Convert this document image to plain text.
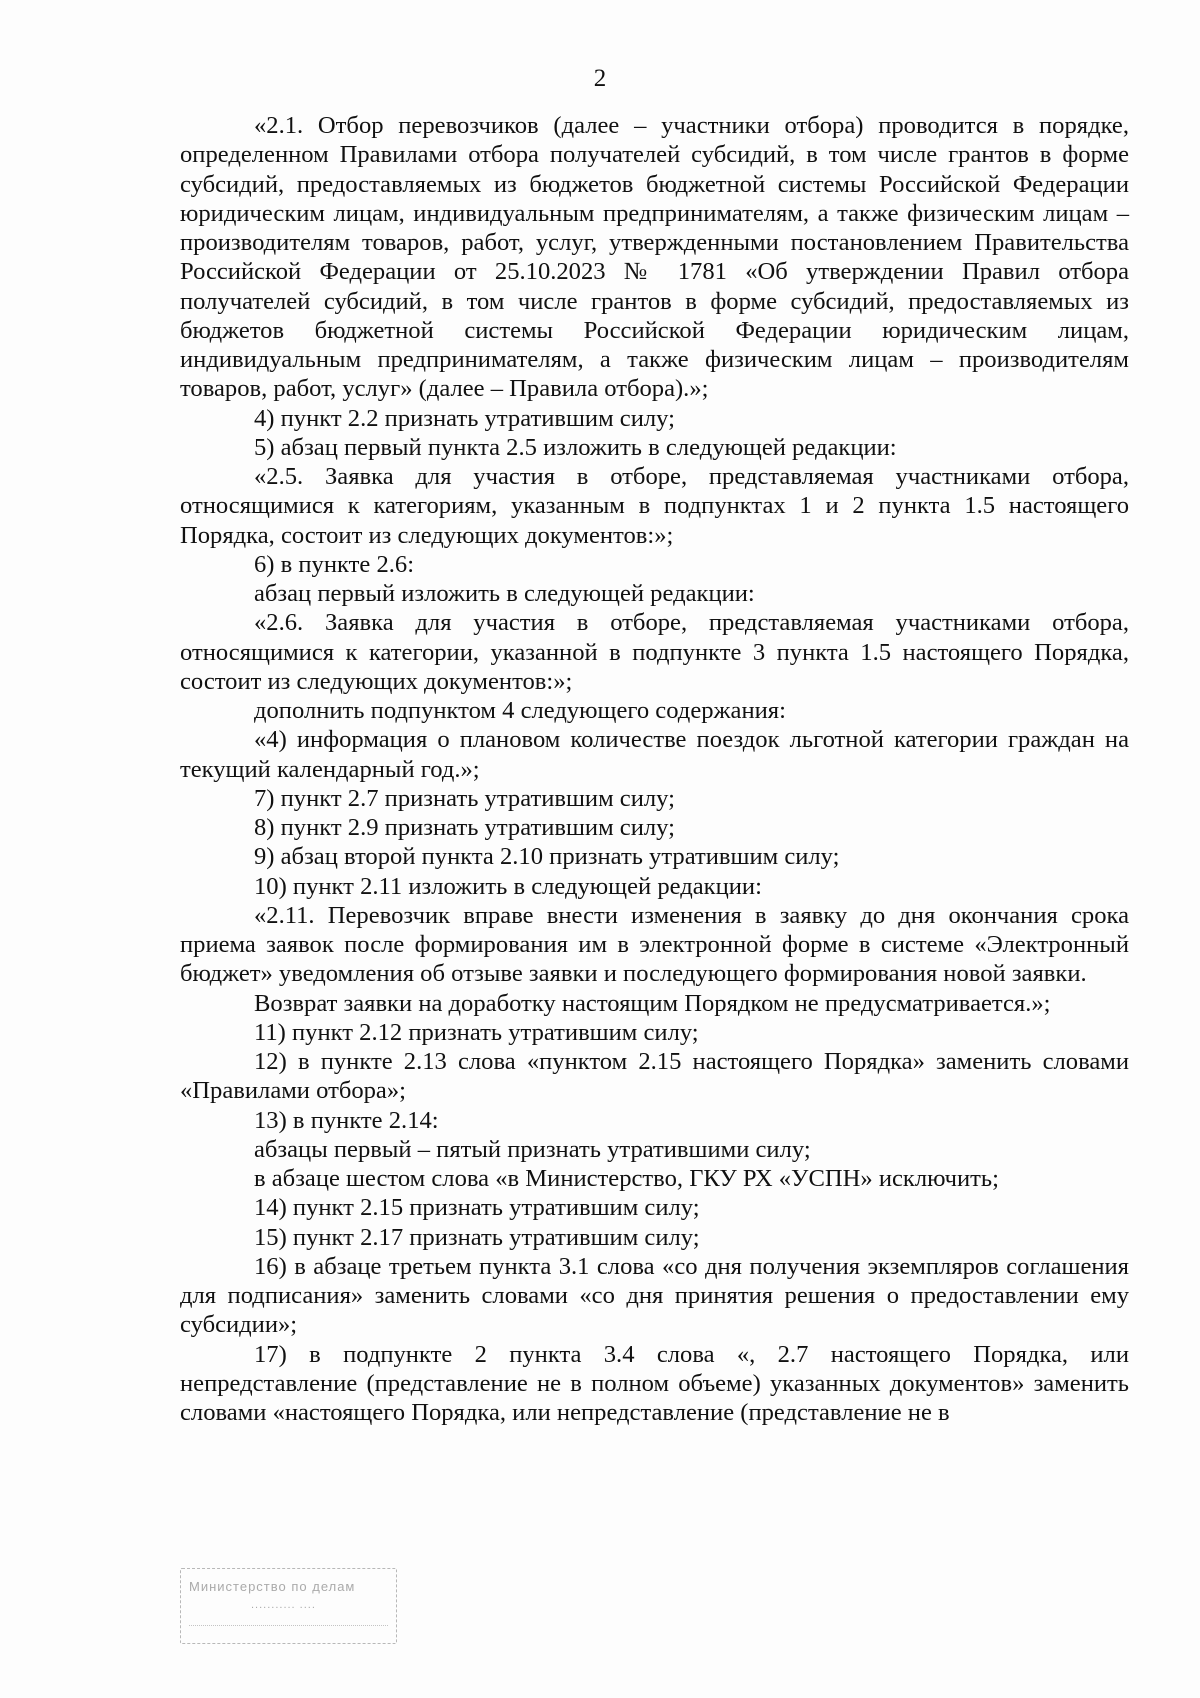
2

«2.1. Отбор перевозчиков (далее – участники отбора) проводится в порядке, определенном Правилами отбора получателей субсидий, в том числе грантов в форме субсидий, предоставляемых из бюджетов бюджетной системы Российской Федерации юридическим лицам, индивидуальным предпринимателям, а также физическим лицам – производителям товаров, работ, услуг, утвержденными постановлением Правительства Российской Федерации от 25.10.2023 № 1781 «Об утверждении Правил отбора получателей субсидий, в том числе грантов в форме субсидий, предоставляемых из бюджетов бюджетной системы Российской Федерации юридическим лицам, индивидуальным предпринимателям, а также физическим лицам – производителям товаров, работ, услуг» (далее – Правила отбора).»;

4) пункт 2.2 признать утратившим силу;

5) абзац первый пункта 2.5 изложить в следующей редакции:

«2.5. Заявка для участия в отборе, представляемая участниками отбора, относящимися к категориям, указанным в подпунктах 1 и 2 пункта 1.5 настоящего Порядка, состоит из следующих документов:»;

6) в пункте 2.6:

абзац первый изложить в следующей редакции:

«2.6. Заявка для участия в отборе, представляемая участниками отбора, относящимися к категории, указанной в подпункте 3 пункта 1.5 настоящего Порядка, состоит из следующих документов:»;

дополнить подпунктом 4 следующего содержания:

«4) информация о плановом количестве поездок льготной категории граждан на текущий календарный год.»;

7) пункт 2.7 признать утратившим силу;

8) пункт 2.9 признать утратившим силу;

9) абзац второй пункта 2.10 признать утратившим силу;

10) пункт 2.11 изложить в следующей редакции:

«2.11. Перевозчик вправе внести изменения в заявку до дня окончания срока приема заявок после формирования им в электронной форме в системе «Электронный бюджет» уведомления об отзыве заявки и последующего формирования новой заявки.

Возврат заявки на доработку настоящим Порядком не предусматривается.»;

11) пункт 2.12 признать утратившим силу;

12) в пункте 2.13 слова «пунктом 2.15 настоящего Порядка» заменить словами «Правилами отбора»;

13) в пункте 2.14:

абзацы первый – пятый признать утратившими силу;

в абзаце шестом слова «в Министерство, ГКУ РХ «УСПН» исключить;

14) пункт 2.15 признать утратившим силу;

15) пункт 2.17 признать утратившим силу;

16) в абзаце третьем пункта 3.1 слова «со дня получения экземпляров соглашения для подписания» заменить словами «со дня принятия решения о предоставлении ему субсидии»;

17) в подпункте 2 пункта 3.4 слова «, 2.7 настоящего Порядка, или непредставление (представление не в полном объеме) указанных документов» заменить словами «настоящего Порядка, или непредставление (представление не в

Министерство по делам
........... ....
